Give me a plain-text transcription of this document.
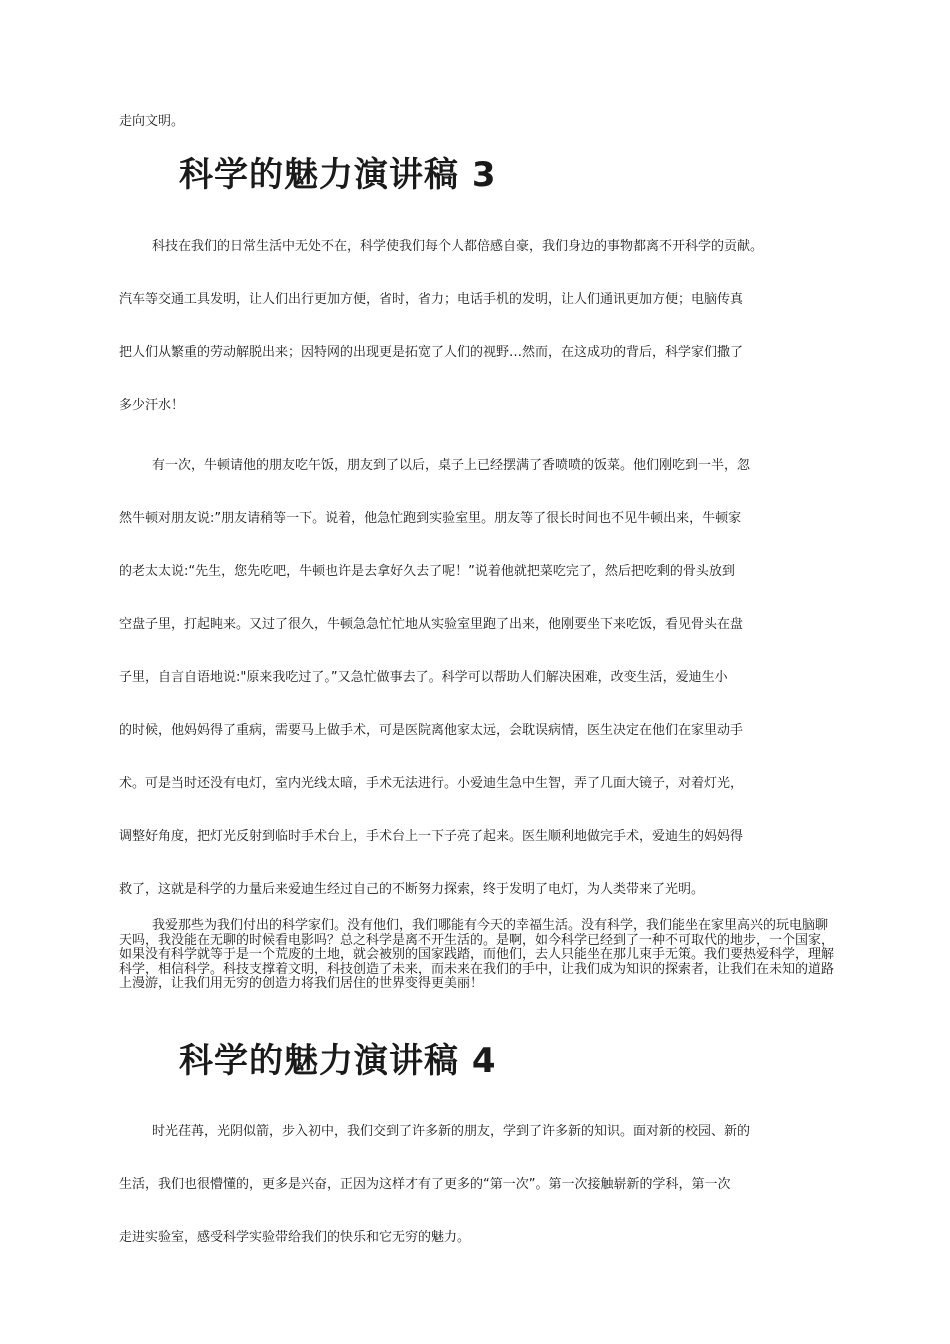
走向文明。
科学的魅力演讲稿 3
科技在我们的日常生活中无处不在，科学使我们每个人都倍感自豪，我们身边的事物都离不开科学的贡献。
汽车等交通工具发明，让人们出行更加方便，省时，省力；电话手机的发明，让人们通讯更加方便；电脑传真
把人们从繁重的劳动解脱出来；因特网的出现更是拓宽了人们的视野…然而，在这成功的背后，科学家们撒了
多少汗水！
有一次，牛顿请他的朋友吃午饭，朋友到了以后，桌子上已经摆满了香喷喷的饭菜。他们刚吃到一半，忽
然牛顿对朋友说:”朋友请稍等一下。说着，他急忙跑到实验室里。朋友等了很长时间也不见牛顿出来，牛顿家
的老太太说:“先生，您先吃吧，牛顿也许是去拿好久去了呢！”说着他就把菜吃完了，然后把吃剩的骨头放到
空盘子里，打起盹来。又过了很久，牛顿急急忙忙地从实验室里跑了出来，他刚要坐下来吃饭，看见骨头在盘
子里，自言自语地说:"原来我吃过了。”又急忙做事去了。科学可以帮助人们解决困难，改变生活，爱迪生小
的时候，他妈妈得了重病，需要马上做手术，可是医院离他家太远，会耽误病情，医生决定在他们在家里动手
术。可是当时还没有电灯，室内光线太暗，手术无法进行。小爱迪生急中生智，弄了几面大镜子，对着灯光，
调整好角度，把灯光反射到临时手术台上，手术台上一下子亮了起来。医生顺利地做完手术，爱迪生的妈妈得
救了，这就是科学的力量后来爱迪生经过自己的不断努力探索，终于发明了电灯，为人类带来了光明。
我爱那些为我们付出的科学家们。没有他们，我们哪能有今天的幸福生活。没有科学，我们能坐在家里高兴的玩电脑聊天吗，我没能在无聊的时候看电影吗？总之科学是离不开生活的。是啊，如今科学已经到了一种不可取代的地步，一个国家，如果没有科学就等于是一个荒废的土地，就会被别的国家践踏，而他们，去人只能坐在那儿束手无策。我们要热爱科学，理解科学，相信科学。科技支撑着文明，科技创造了未来，而未来在我们的手中，让我们成为知识的探索者，让我们在未知的道路上漫游，让我们用无穷的创造力将我们居住的世界变得更美丽！
科学的魅力演讲稿 4
时光荏苒，光阴似箭，步入初中，我们交到了许多新的朋友，学到了许多新的知识。面对新的校园、新的
生活，我们也很懵懂的，更多是兴奋，正因为这样才有了更多的“第一次”。第一次接触崭新的学科，第一次
走进实验室，感受科学实验带给我们的快乐和它无穷的魅力。
